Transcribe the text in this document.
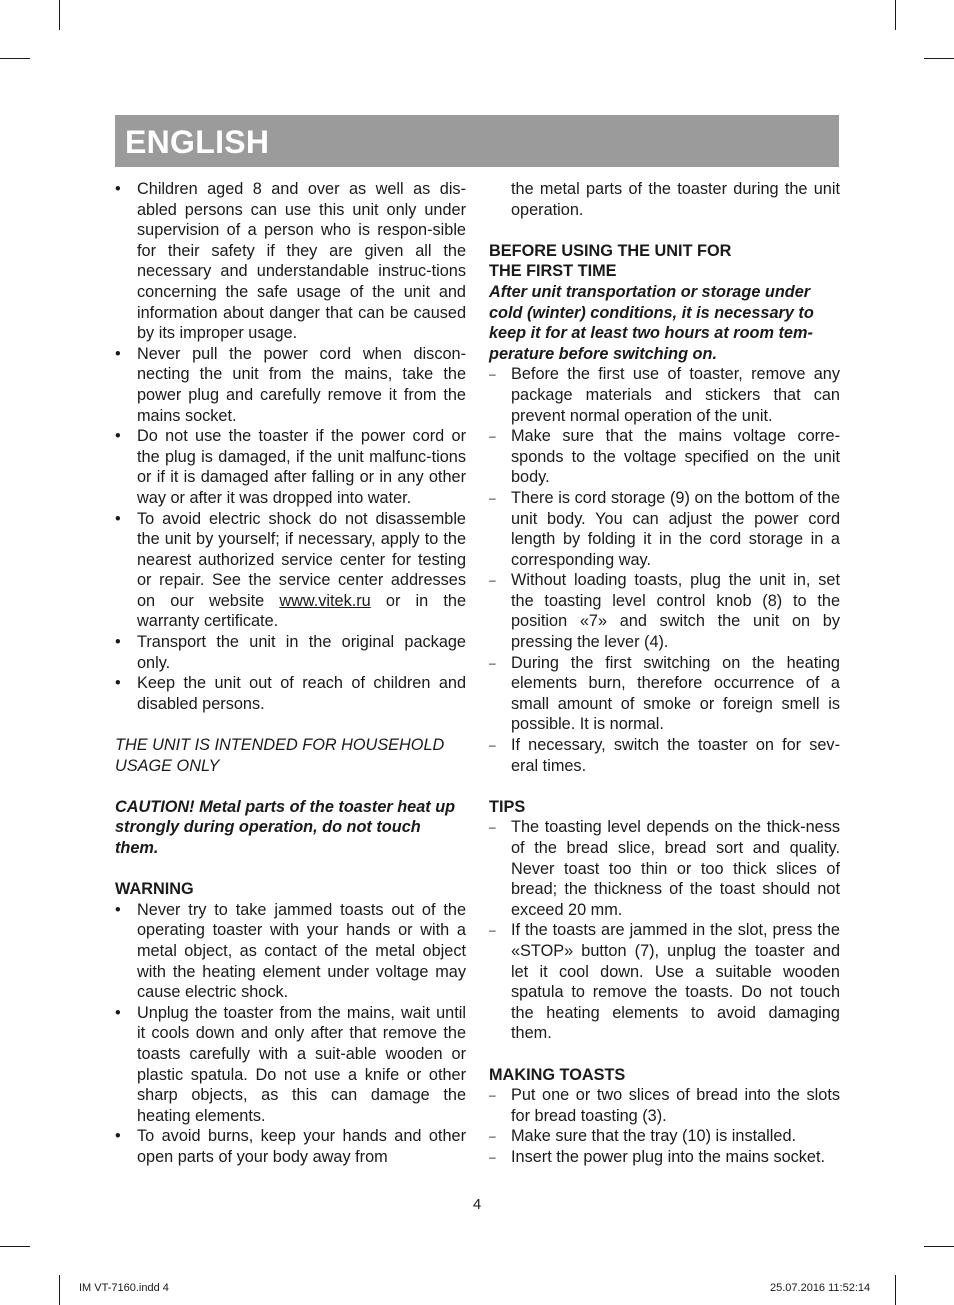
ENGLISH
• Children aged 8 and over as well as dis-abled persons can use this unit only under supervision of a person who is respon-sible for their safety if they are given all the necessary and understandable instruc-tions concerning the safe usage of the unit and information about danger that can be caused by its improper usage.
• Never pull the power cord when discon-necting the unit from the mains, take the power plug and carefully remove it from the mains socket.
• Do not use the toaster if the power cord or the plug is damaged, if the unit malfunc-tions or if it is damaged after falling or in any other way or after it was dropped into water.
• To avoid electric shock do not disassemble the unit by yourself; if necessary, apply to the nearest authorized service center for testing or repair. See the service center addresses on our website www.vitek.ru or in the warranty certificate.
• Transport the unit in the original package only.
• Keep the unit out of reach of children and disabled persons.

THE UNIT IS INTENDED FOR HOUSEHOLD USAGE ONLY

CAUTION! Metal parts of the toaster heat up strongly during operation, do not touch them.

WARNING

• Never try to take jammed toasts out of the operating toaster with your hands or with a metal object, as contact of the metal object with the heating element under voltage may cause electric shock.
• Unplug the toaster from the mains, wait until it cools down and only after that remove the toasts carefully with a suit-able wooden or plastic spatula. Do not use a knife or other sharp objects, as this can damage the heating elements.
• To avoid burns, keep your hands and other open parts of your body away from

the metal parts of the toaster during the unit operation.

BEFORE USING THE UNIT FOR

THE FIRST TIME

After unit transportation or storage under cold (winter) conditions, it is necessary to keep it for at least two hours at room tem-perature before switching on.

– Before the first use of toaster, remove any package materials and stickers that can prevent normal operation of the unit.
– Make sure that the mains voltage corre-sponds to the voltage specified on the unit body.
– There is cord storage (9) on the bottom of the unit body. You can adjust the power cord length by folding it in the cord storage in a corresponding way.
– Without loading toasts, plug the unit in, set the toasting level control knob (8) to the position «7» and switch the unit on by pressing the lever (4).
– During the first switching on the heating elements burn, therefore occurrence of a small amount of smoke or foreign smell is possible. It is normal.
– If necessary, switch the toaster on for sev-eral times.

TIPS

– The toasting level depends on the thick-ness of the bread slice, bread sort and quality. Never toast too thin or too thick slices of bread; the thickness of the toast should not exceed 20 mm.
– If the toasts are jammed in the slot, press the «STOP» button (7), unplug the toaster and let it cool down. Use a suitable wooden spatula to remove the toasts. Do not touch the heating elements to avoid damaging them.

MAKING TOASTS

– Put one or two slices of bread into the slots for bread toasting (3).
– Make sure that the tray (10) is installed.
– Insert the power plug into the mains socket.
4
IM VT-7160.indd 4	25.07.2016 11:52:14
